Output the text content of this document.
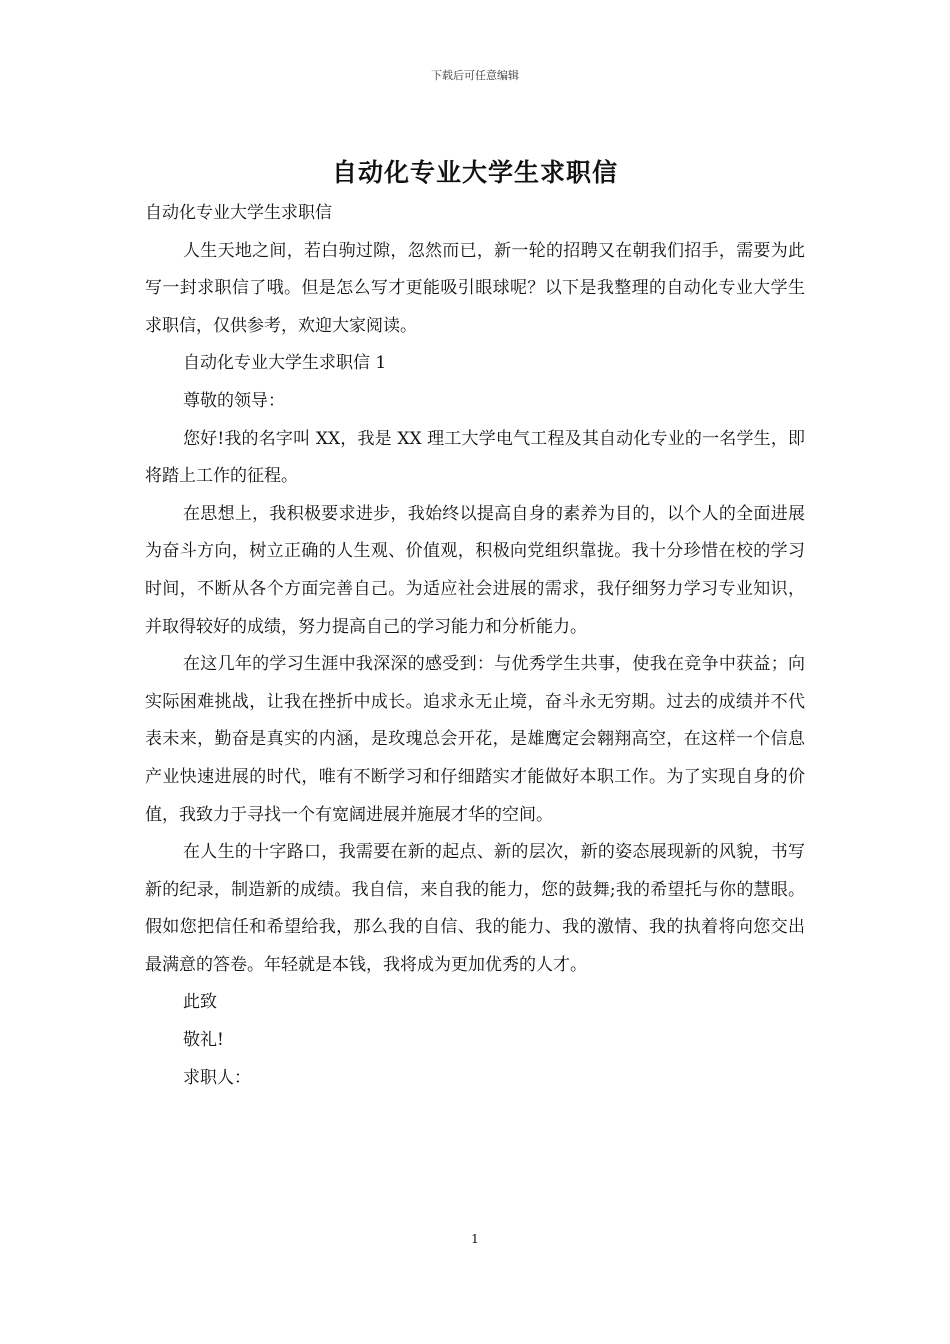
下载后可任意编辑
自动化专业大学生求职信

自动化专业大学生求职信

人生天地之间，若白驹过隙，忽然而已，新一轮的招聘又在朝我们招手，需要为此写一封求职信了哦。但是怎么写才更能吸引眼球呢？以下是我整理的自动化专业大学生求职信，仅供参考，欢迎大家阅读。

自动化专业大学生求职信 1

尊敬的领导：

您好!我的名字叫 XX，我是 XX 理工大学电气工程及其自动化专业的一名学生，即将踏上工作的征程。

在思想上，我积极要求进步，我始终以提高自身的素养为目的，以个人的全面进展为奋斗方向，树立正确的人生观、价值观，积极向党组织靠拢。我十分珍惜在校的学习时间，不断从各个方面完善自己。为适应社会进展的需求，我仔细努力学习专业知识，并取得较好的成绩，努力提高自己的学习能力和分析能力。

在这几年的学习生涯中我深深的感受到：与优秀学生共事，使我在竞争中获益；向实际困难挑战，让我在挫折中成长。追求永无止境，奋斗永无穷期。过去的成绩并不代表未来，勤奋是真实的内涵，是玫瑰总会开花，是雄鹰定会翱翔高空，在这样一个信息产业快速进展的时代，唯有不断学习和仔细踏实才能做好本职工作。为了实现自身的价值，我致力于寻找一个有宽阔进展并施展才华的空间。

在人生的十字路口，我需要在新的起点、新的层次，新的姿态展现新的风貌，书写新的纪录，制造新的成绩。我自信，来自我的能力，您的鼓舞;我的希望托与你的慧眼。假如您把信任和希望给我，那么我的自信、我的能力、我的激情、我的执着将向您交出最满意的答卷。年轻就是本钱，我将成为更加优秀的人才。

此致

敬礼!

求职人：

1
